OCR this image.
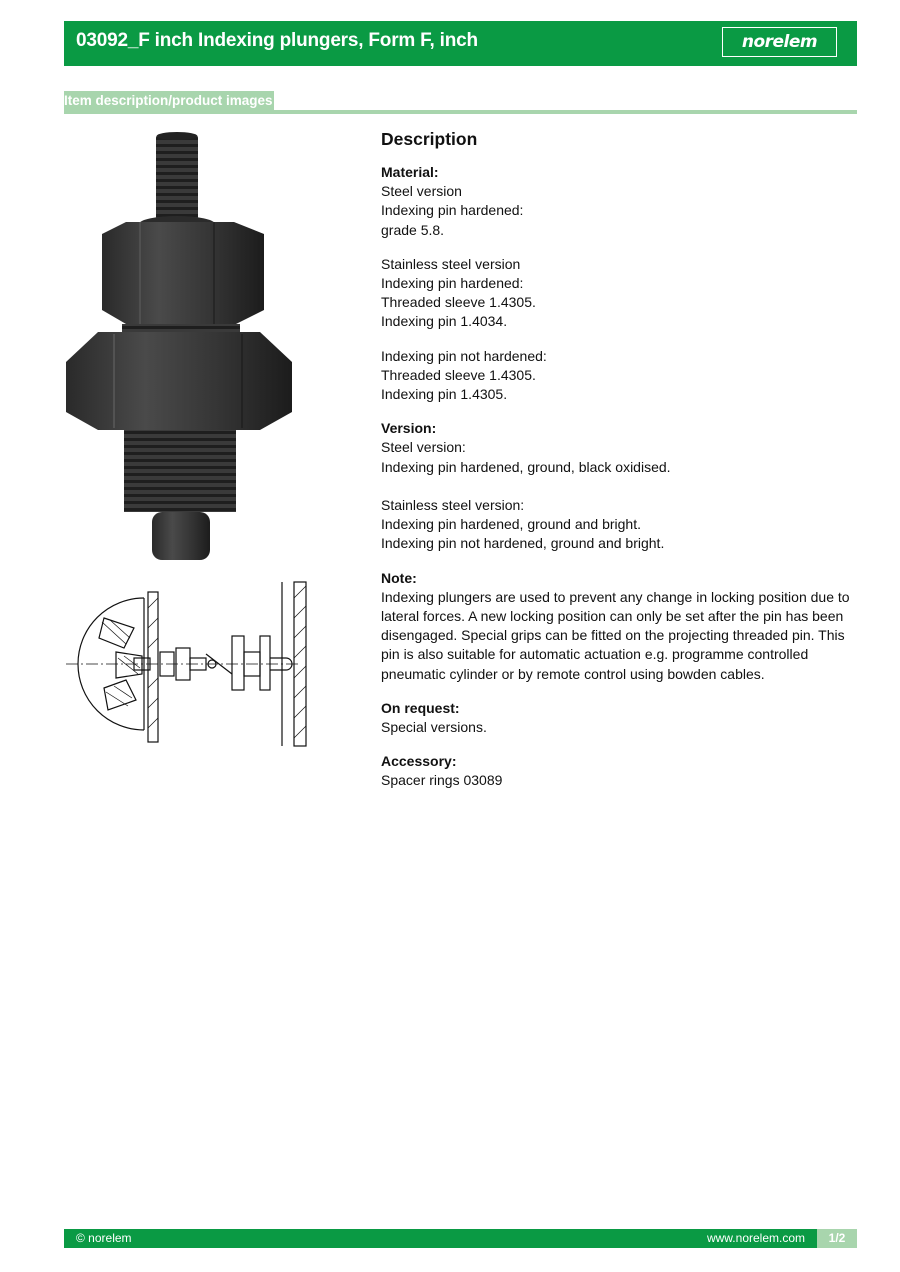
03092_F inch Indexing plungers, Form F, inch	norelem
Item description/product images
Description
Material:
Steel version
Indexing pin hardened:
grade 5.8.
Stainless steel version
Indexing pin hardened:
Threaded sleeve 1.4305.
Indexing pin 1.4034.
Indexing pin not hardened:
Threaded sleeve 1.4305.
Indexing pin 1.4305.
Version:
Steel version:
Indexing pin hardened, ground, black oxidised.
Stainless steel version:
Indexing pin hardened, ground and bright.
Indexing pin not hardened, ground and bright.
Note:
Indexing plungers are used to prevent any change in locking position due to lateral forces. A new locking position can only be set after the pin has been disengaged. Special grips can be fitted on the projecting threaded pin. This pin is also suitable for automatic actuation e.g. programme controlled pneumatic cylinder or by remote control using bowden cables.
On request:
Special versions.
Accessory:
Spacer rings 03089
© norelem	www.norelem.com	1/2
